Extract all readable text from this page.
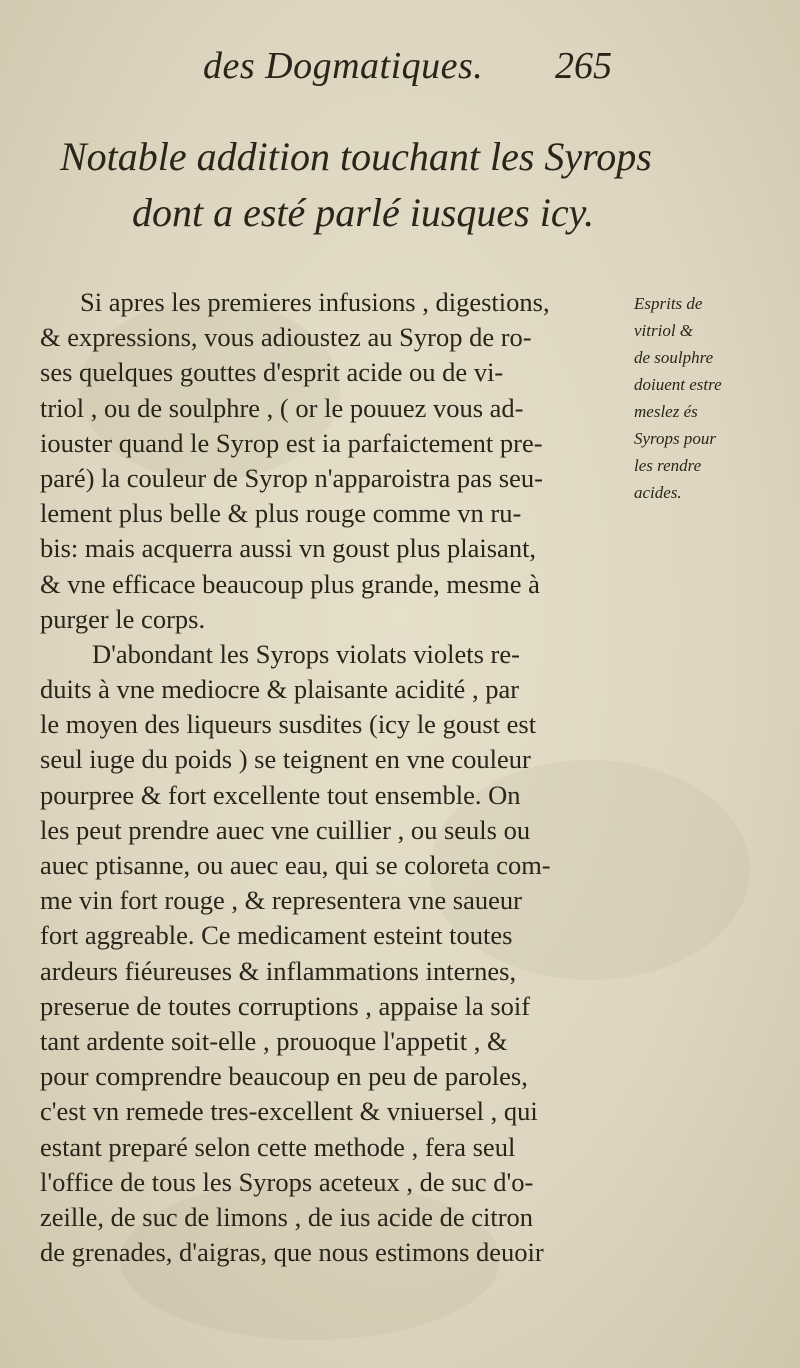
des Dogmatiques. 265
Notable addition touchant les Syrops
dont a esté parlé iusques icy.
Si apres les premieres infusions , digestions,
& expressions, vous adioustez au Syrop de ro-
ses quelques gouttes d'esprit acide ou de vi-
triol , ou de soulphre , ( or le pouuez vous ad-
iouster quand le Syrop est ia parfaictement pre-
paré) la couleur de Syrop n'apparoistra pas seu-
lement plus belle & plus rouge comme vn ru-
bis: mais acquerra aussi vn goust plus plaisant,
& vne efficace beaucoup plus grande, mesme à
purger le corps.
D'abondant les Syrops violats violets re-
duits à vne mediocre & plaisante acidité , par
le moyen des liqueurs susdites (icy le goust est
seul iuge du poids ) se teignent en vne couleur
pourpree & fort excellente tout ensemble. On
les peut prendre auec vne cuillier , ou seuls ou
auec ptisanne, ou auec eau, qui se coloreta com-
me vin fort rouge , & representera vne saueur
fort aggreable. Ce medicament esteint toutes
ardeurs fiéureuses & inflammations internes,
preserue de toutes corruptions , appaise la soif
tant ardente soit-elle , prouoque l'appetit , &
pour comprendre beaucoup en peu de paroles,
c'est vn remede tres-excellent & vniuersel , qui
estant preparé selon cette methode , fera seul
l'office de tous les Syrops aceteux , de suc d'o-
zeille, de suc de limons , de ius acide de citron
de grenades, d'aigras, que nous estimons deuoir
Esprits de
vitriol &
de soulphre
doiuent estre
meslez és
Syrops pour
les rendre
acides.
